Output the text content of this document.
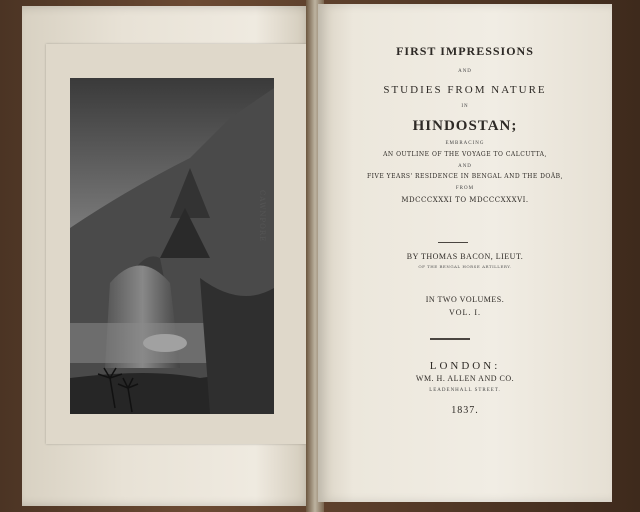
CAWNPORE
FIRST IMPRESSIONS
AND
STUDIES FROM NATURE
IN
HINDOSTAN;
EMBRACING
AN OUTLINE OF THE VOYAGE TO CALCUTTA,
AND
FIVE YEARS' RESIDENCE IN BENGAL AND THE DOÃB,
FROM
MDCCCXXXI TO MDCCCXXXVI.
BY THOMAS BACON, LIEUT.
OF THE BENGAL HORSE ARTILLERY.
IN TWO VOLUMES.
VOL. I.
LONDON:
WM. H. ALLEN AND CO.
LEADENHALL STREET.
1837.
